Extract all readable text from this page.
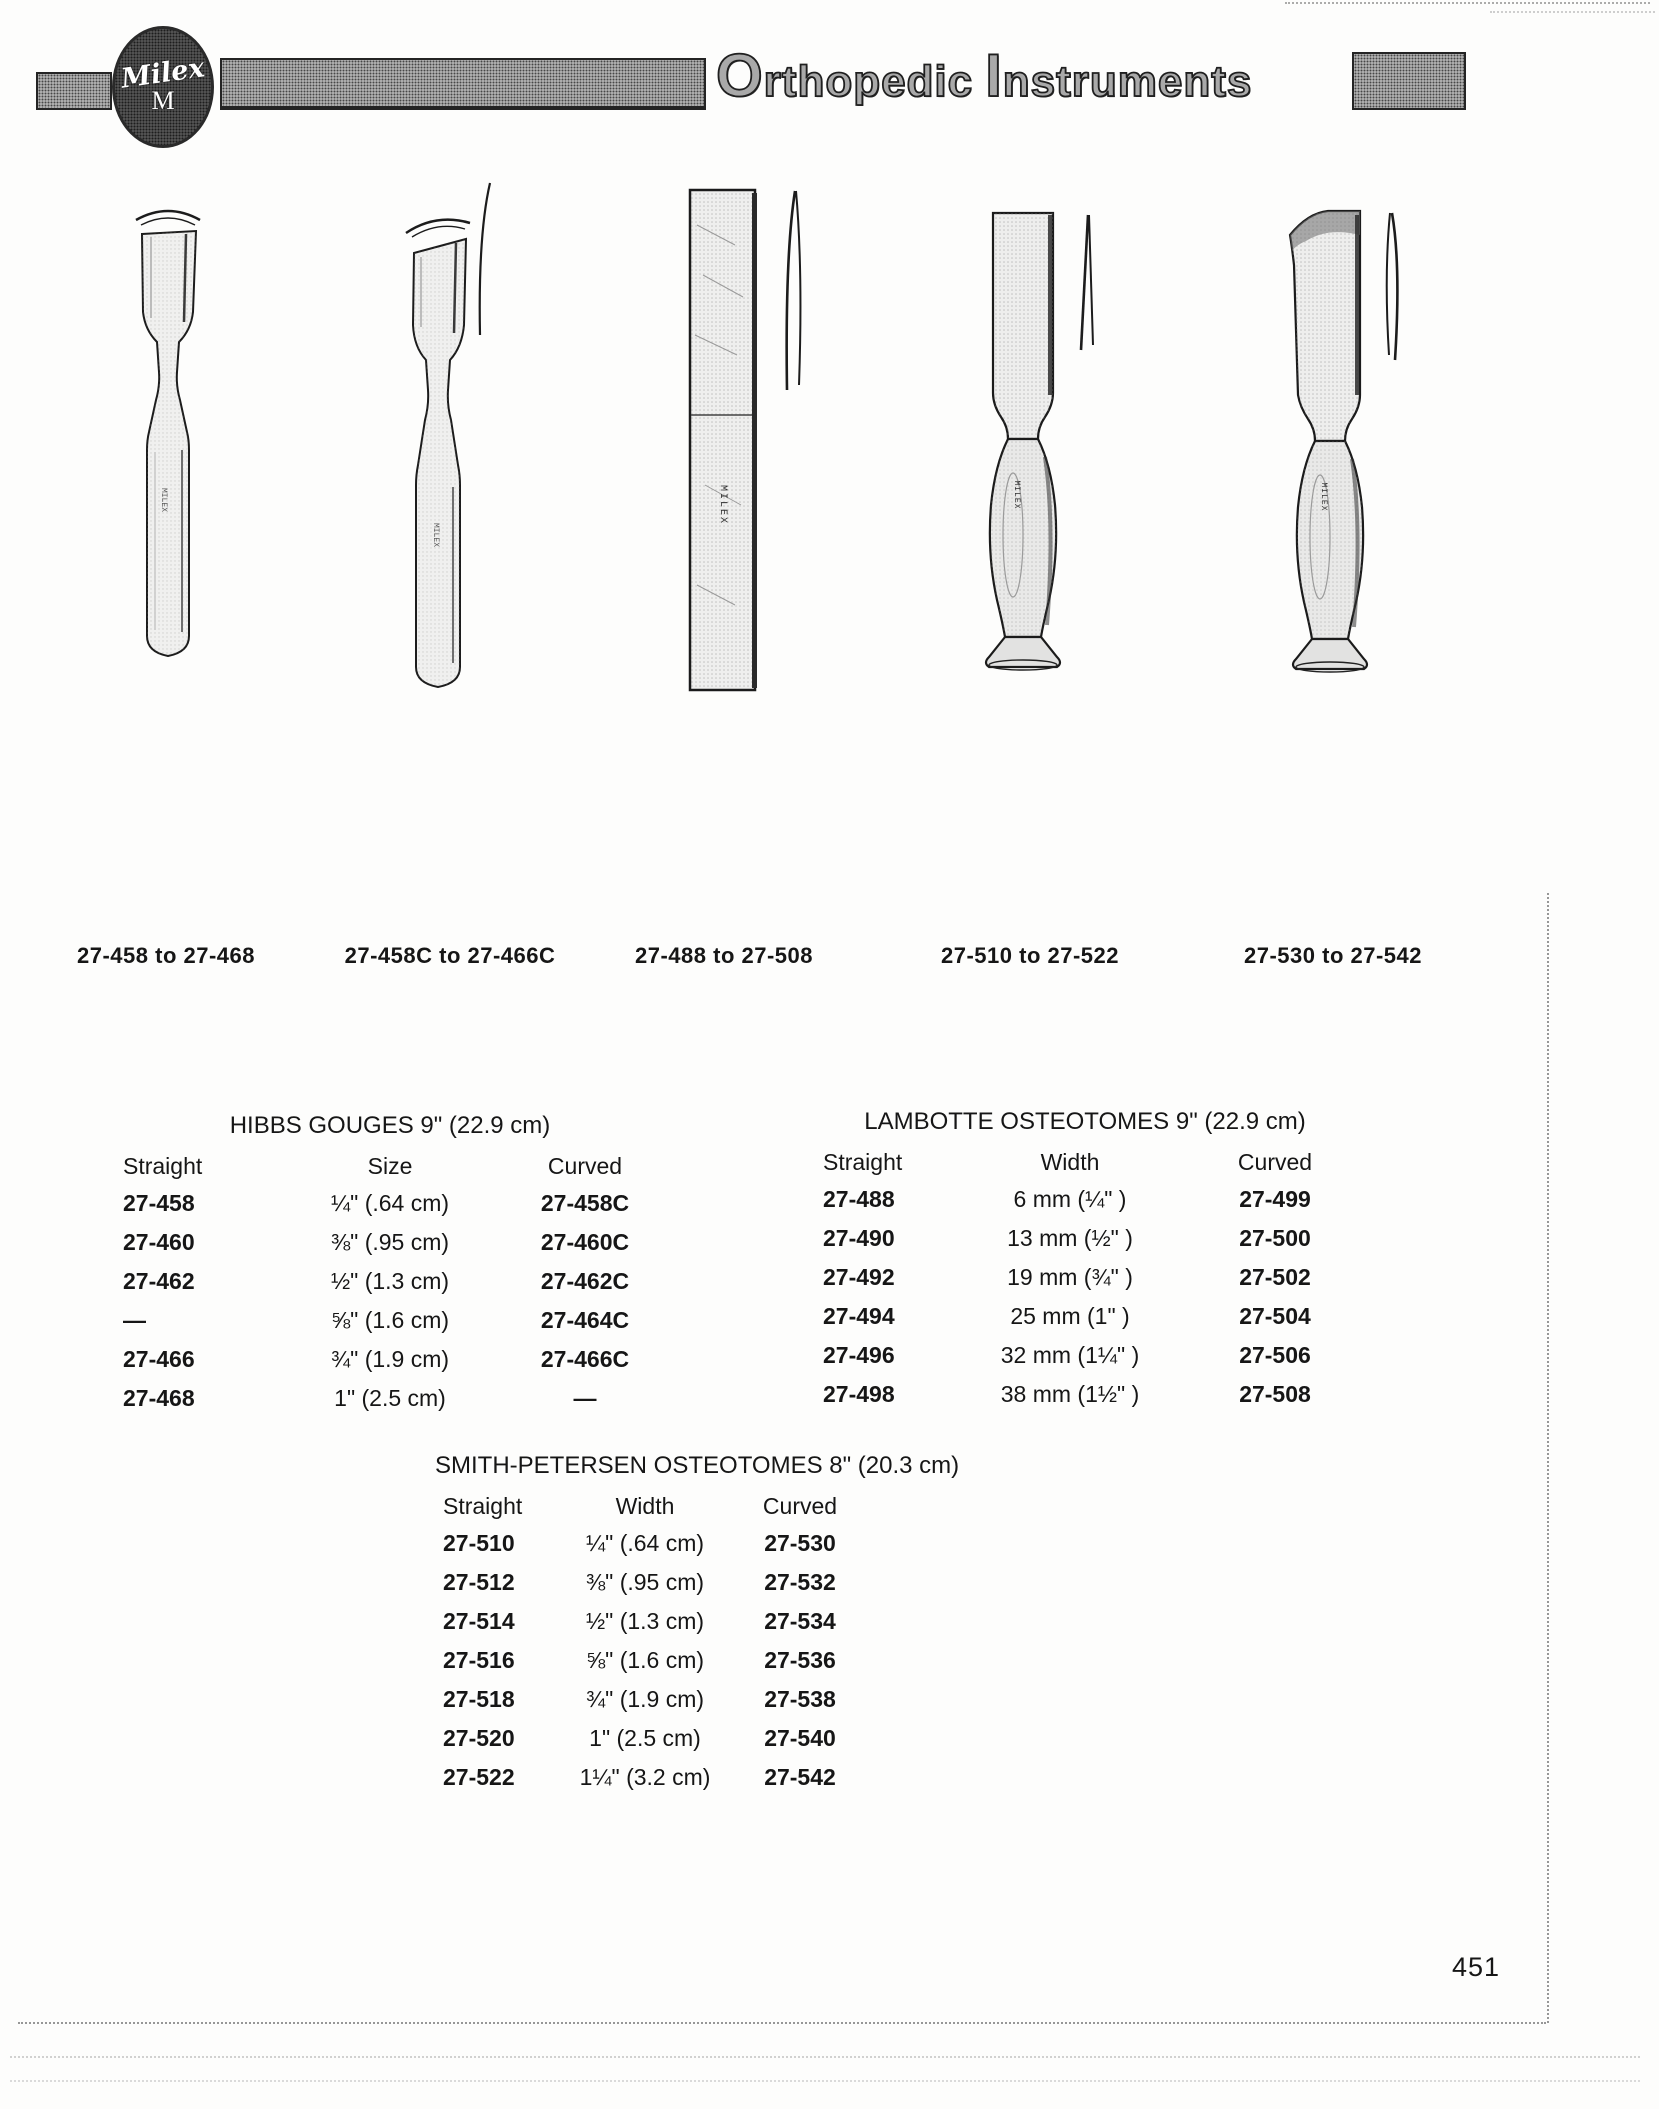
Milex
M	O rthopedic I nstruments
MILEX
MILEX
MILEX	MILEX	MILEX
27-458 to 27-468	27-458C to 27-466C	27-488 to 27-508	27-510 to 27-522	27-530 to 27-542
HIBBS GOUGES 9" (22.9 cm)
Straight	Size	Curved
27-458	¼" (.64 cm)	27-458C
27-460	⅜" (.95 cm)	27-460C
27-462	½" (1.3 cm)	27-462C
—	⅝" (1.6 cm)	27-464C
27-466	¾" (1.9 cm)	27-466C
27-468	1" (2.5 cm)	—
LAMBOTTE OSTEOTOMES 9" (22.9 cm)
Straight	Width	Curved
27-488	6 mm (¼" )	27-499
27-490	13 mm (½" )	27-500
27-492	19 mm (¾" )	27-502
27-494	25 mm (1" )	27-504
27-496	32 mm (1¼" )	27-506
27-498	38 mm (1½" )	27-508
SMITH-PETERSEN OSTEOTOMES 8" (20.3 cm)
Straight	Width	Curved
27-510	¼" (.64 cm)	27-530
27-512	⅜" (.95 cm)	27-532
27-514	½" (1.3 cm)	27-534
27-516	⅝" (1.6 cm)	27-536
27-518	¾" (1.9 cm)	27-538
27-520	1" (2.5 cm)	27-540
27-522	1¼" (3.2 cm)	27-542
451
